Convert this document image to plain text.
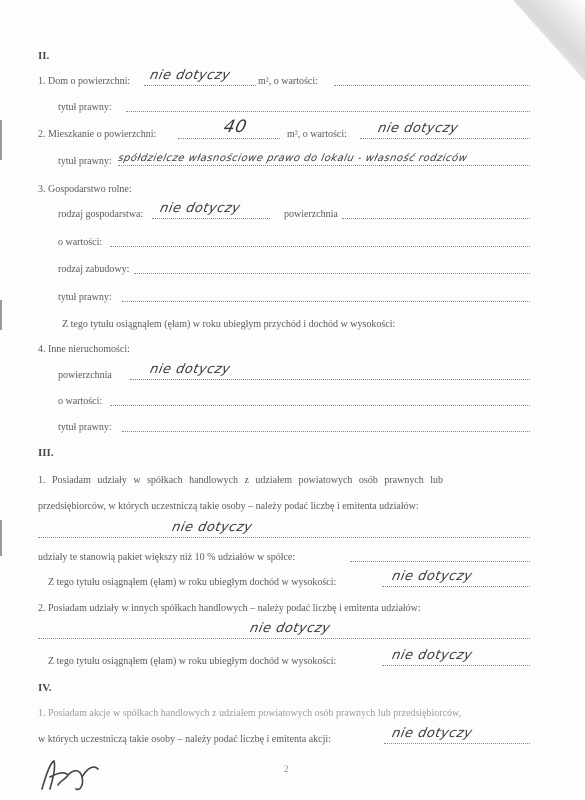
II.
1. Dom o powierzchni: nie dotyczy	m², o wartości:
tytuł prawny:
2. Mieszkanie o powierzchni:	40	m², o wartości: nie dotyczy
tytuł prawny: spółdzielcze własnościowe prawo do lokalu - własność rodziców
3. Gospodarstwo rolne:
rodzaj gospodarstwa: nie dotyczy	powierzchnia
o wartości:
rodzaj zabudowy:
tytuł prawny:
Z tego tytułu osiągnąłem (ęłam) w roku ubiegłym przychód i dochód w wysokości:
4. Inne nieruchomości:
powierzchnia	nie dotyczy
o wartości:
tytuł prawny:
III.
1. Posiadam udziały w spółkach handlowych z udziałem powiatowych osób prawnych lub
przedsiębiorców, w których uczestniczą takie osoby – należy podać liczbę i emitenta udziałów:
nie dotyczy
udziały te stanowią pakiet większy niż 10 % udziałów w spółce:
Z tego tytułu osiągnąłem (ęłam) w roku ubiegłym dochód w wysokości:	nie dotyczy
2. Posiadam udziały w innych spółkach handlowych – należy podać liczbę i emitenta udziałów:
nie dotyczy
Z tego tytułu osiągnąłem (ęłam) w roku ubiegłym dochód w wysokości:	nie dotyczy
IV.
1. Posiadam akcje w spółkach handlowych z udziałem powiatowych osób prawnych lub przedsiębiorców,
w których uczestniczą takie osoby – należy podać liczbę i emitenta akcji:	nie dotyczy
2
